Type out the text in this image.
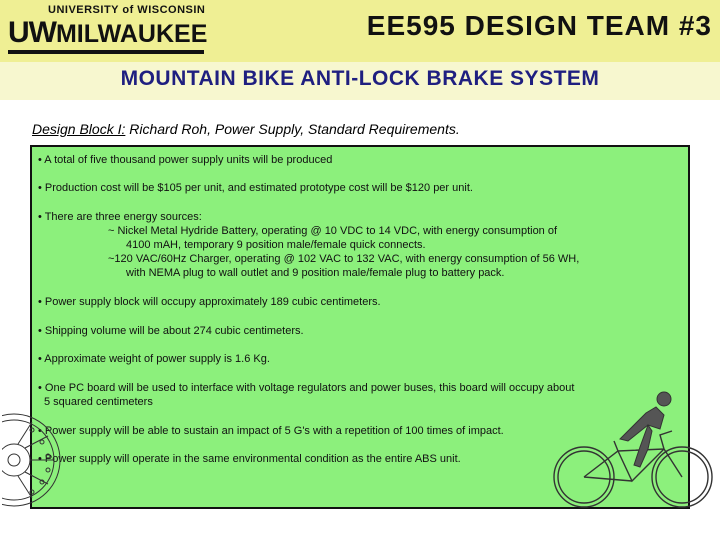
UNIVERSITY of WISCONSIN
UWMILWAUKEE	EE595 DESIGN TEAM #3
MOUNTAIN BIKE ANTI-LOCK BRAKE SYSTEM
Design Block I: Richard Roh, Power Supply, Standard Requirements.
• A total of five thousand power supply units will be produced
• Production cost will be $105 per unit, and estimated prototype cost will be $120 per unit.
• There are three energy sources:
~ Nickel Metal Hydride Battery, operating @ 10 VDC to 14 VDC, with energy consumption of
4100 mAH, temporary 9 position male/female quick connects.
~120 VAC/60Hz Charger, operating @ 102 VAC to 132 VAC, with energy consumption of 56 WH,
with NEMA plug to wall outlet and 9 position male/female plug to battery pack.
• Power supply block will occupy approximately 189 cubic centimeters.
• Shipping volume will be about 274 cubic centimeters.
• Approximate weight of power supply is 1.6 Kg.
• One PC board will be used to interface with voltage regulators and power buses, this board will occupy about
5 squared centimeters
• Power supply will be able to sustain an impact of 5 G's with a repetition of 100 times of impact.
• Power supply will operate in the same environmental condition as the entire ABS unit.
